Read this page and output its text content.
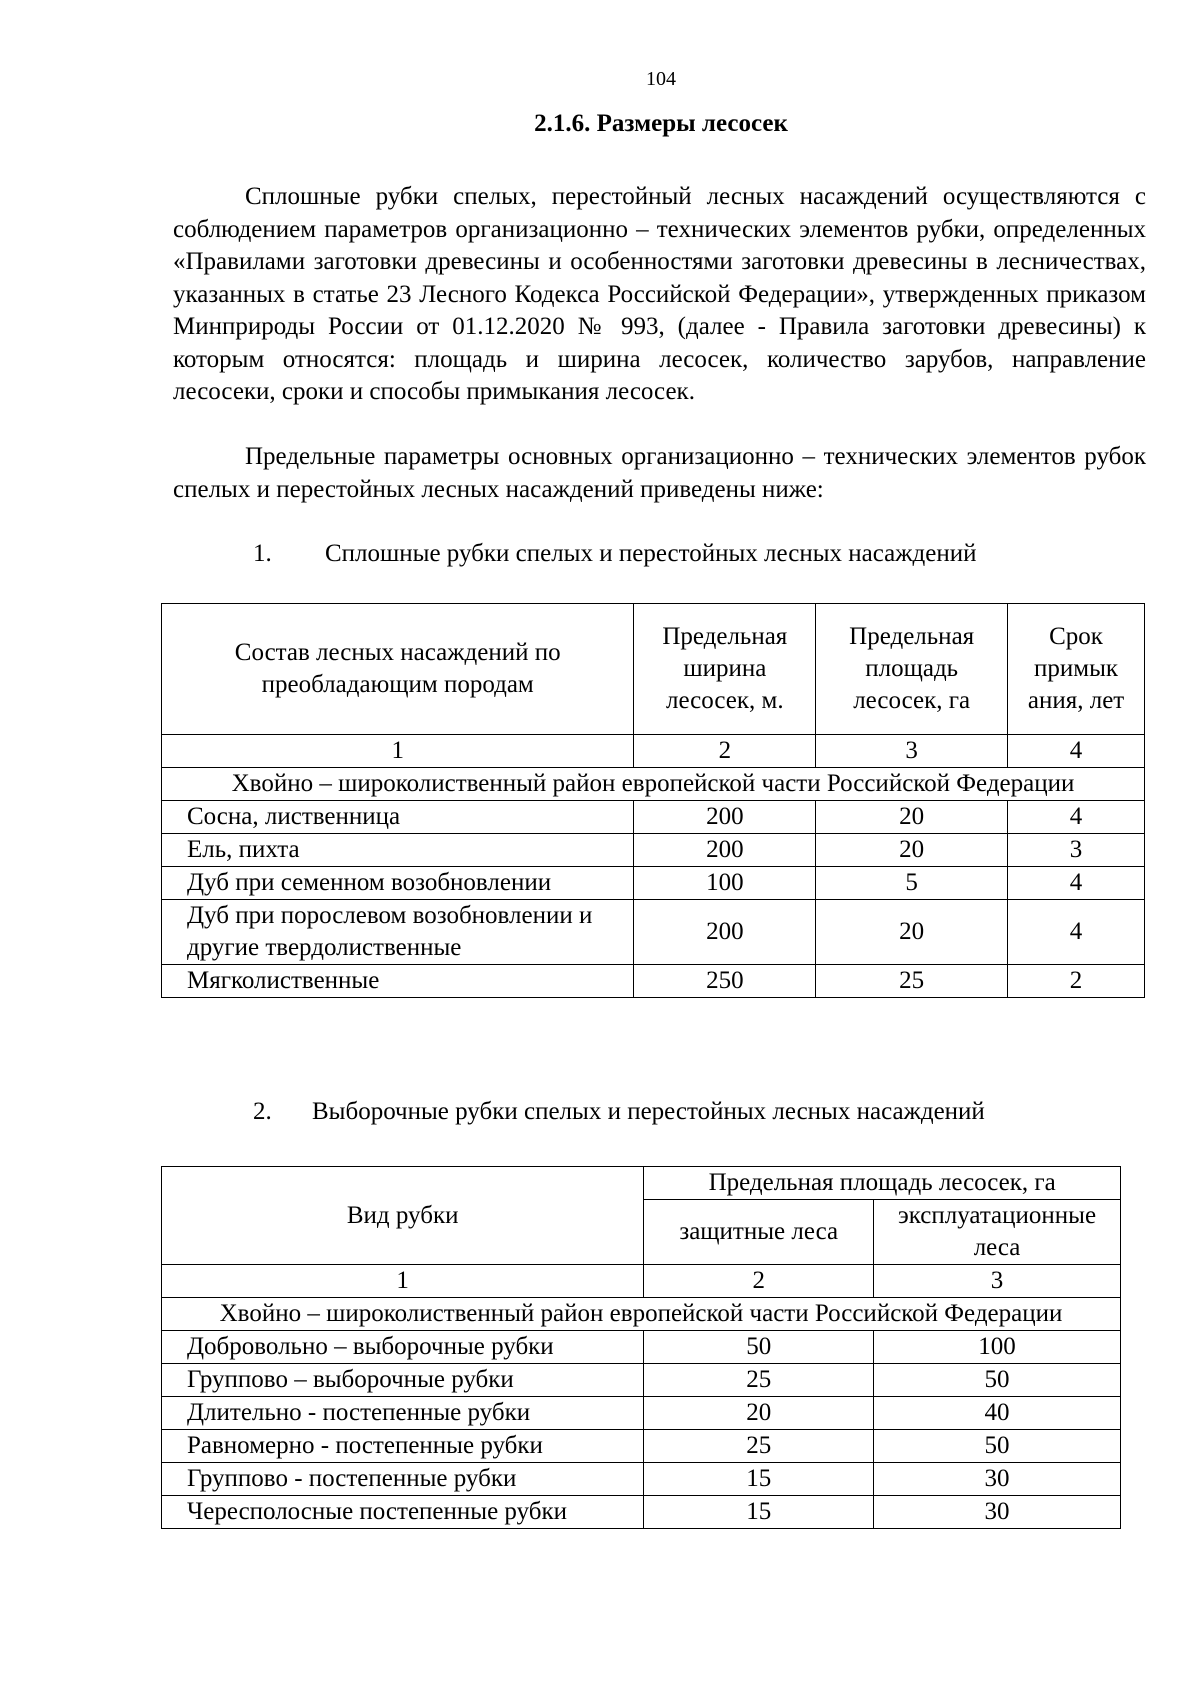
104
2.1.6. Размеры лесосек

Сплошные рубки спелых, перестойный лесных насаждений осуществляются с соблюдением параметров организационно – технических элементов рубки, определенных «Правилами заготовки древесины и особенностями заготовки древесины в лесничествах, указанных в статье 23 Лесного Кодекса Российской Федерации», утвержденных приказом Минприроды России от 01.12.2020 № 993, (далее - Правила заготовки древесины) к которым относятся: площадь и ширина лесосек, количество зарубов, направление лесосеки, сроки и способы примыкания лесосек.

Предельные параметры основных организационно – технических элементов рубок спелых и перестойных лесных насаждений приведены ниже:

1. Сплошные рубки спелых и перестойных лесных насаждений
Состав лесных насаждений по преобладающим породам	Предельная ширина лесосек, м.	Предельная площадь лесосек, га	Срок примык ания, лет
1	2	3	4
Хвойно – широколиственный район европейской части Российской Федерации			
Сосна, лиственница	200	20	4
Ель, пихта	200	20	3
Дуб при семенном возобновлении	100	5	4
Дуб при порослевом возобновлении и другие твердолиственные	200	20	4
Мягколиственные	250	25	2
2. Выборочные рубки спелых и перестойных лесных насаждений
Вид рубки	Предельная площадь лесосек, га	
	защитные леса	эксплуатационные леса
1	2	3
Хвойно – широколиственный район европейской части Российской Федерации		
Добровольно – выборочные рубки	50	100
Группово – выборочные рубки	25	50
Длительно - постепенные рубки	20	40
Равномерно - постепенные рубки	25	50
Группово - постепенные рубки	15	30
Чересполосные постепенные рубки	15	30
